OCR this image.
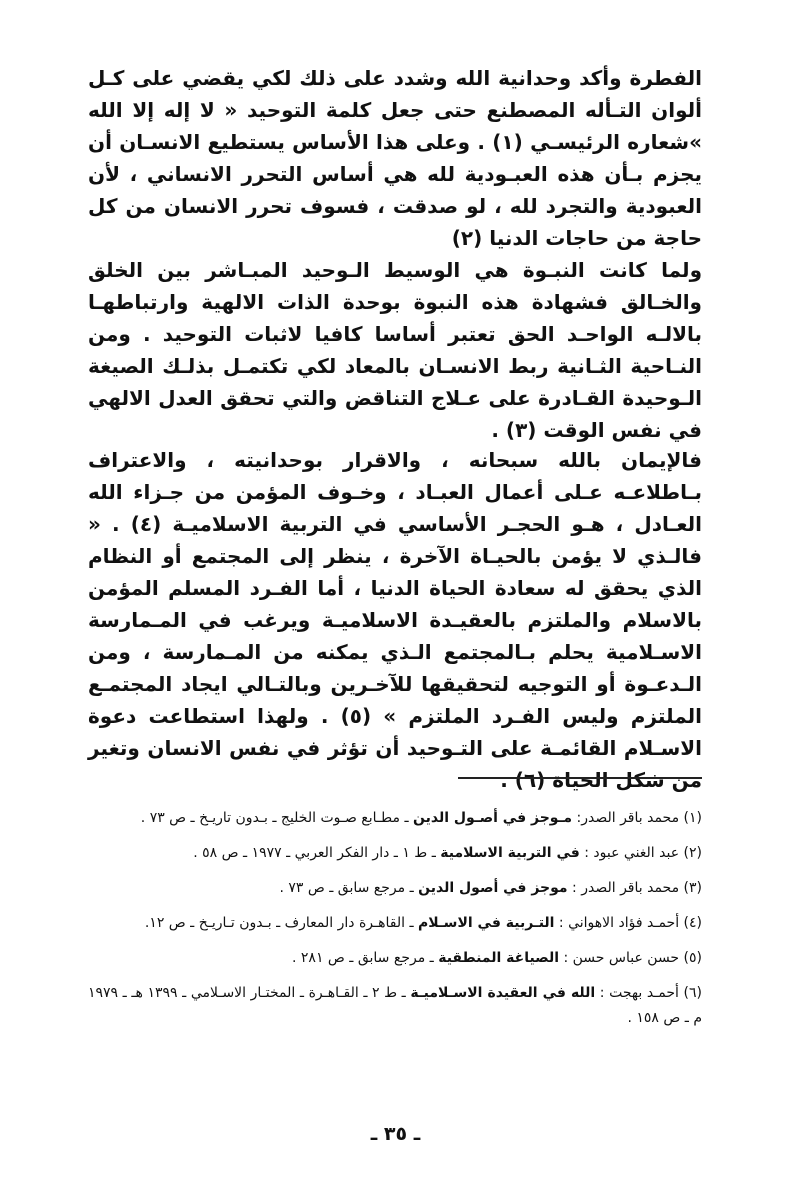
الفطرة وأكد وحدانية الله وشدد على ذلك لكي يقضي على كـل ألوان التـأله المصطنع حتى جعل كلمة التوحيد « لا إله إلا الله »شعاره الرئيسـي (١) . وعلى هذا الأساس يستطيع الانسـان أن يجزم بـأن هذه العبـودية لله هي أساس التحرر الانساني ، لأن العبودية والتجرد لله ، لو صدقت ، فسوف تحرر الانسان من كل حاجة من حاجات الدنيا (٢)

ولما كانت النبـوة هي الوسيط الـوحيد المبـاشر بين الخلق والخـالق فشهادة هذه النبوة بوحدة الذات الالهية وارتباطهـا بالالـه الواحـد الحق تعتبر أساسا كافيا لاثبات التوحيد . ومن النـاحية الثـانية ربط الانسـان بالمعاد لكي تكتمـل بذلـك الصيغة الـوحيدة القـادرة على عـلاج التناقض والتي تحقق العدل الالهي في نفس الوقت (٣) .

فالإيمان بالله سبحانه ، والاقرار بوحدانيته ، والاعتراف بـاطلاعـه عـلى أعمال العبـاد ، وخـوف المؤمن من جـزاء الله العـادل ، هـو الحجـر الأساسي في التربية الاسلاميـة (٤) . « فالـذي لا يؤمن بالحيـاة الآخرة ، ينظر إلى المجتمع أو النظام الذي يحقق له سعادة الحياة الدنيا ، أما الفـرد المسلم المؤمن بالاسلام والملتزم بالعقيـدة الاسلاميـة ويرغب في المـمارسة الاسـلامية يحلم بـالمجتمع الـذي يمكنه من المـمارسة ، ومن الـدعـوة أو التوجيه لتحقيقها للآخـرين وبالتـالي ايجاد المجتمـع الملتزم وليس الفـرد الملتزم » (٥) . ولهذا استطاعت دعوة الاسـلام القائمـة على التـوحيد أن تؤثر في نفس الانسان وتغير من شكل الحياة (٦) .

(١) محمد باقر الصدر: مـوجز في أصـول الدين ـ مطـابع صـوت الخليج ـ بـدون تاريـخ ـ ص ٧٣ .

(٢) عبد الغني عبود : في التربية الاسلامية ـ ط ١ ـ دار الفكر العربي ـ ١٩٧٧ ـ ص ٥٨ .

(٣) محمد باقر الصدر : موجز في أصول الدين ـ مرجع سابق ـ ص ٧٣ .

(٤) أحمـد فؤاد الاهواني : التـربية في الاسـلام ـ القاهـرة دار المعارف ـ بـدون تـاريـخ ـ ص ١٢.

(٥) حسن عباس حسن : الصياغة المنطقية ـ مرجع سابق ـ ص ٢٨١ .

(٦) أحمـد بهجت : الله في العقيدة الاسـلاميـة ـ ط ٢ ـ القـاهـرة ـ المختـار الاسـلامي ـ ١٣٩٩ هـ ـ ١٩٧٩ م ـ ص ١٥٨ .

ـ ٣٥ ـ
